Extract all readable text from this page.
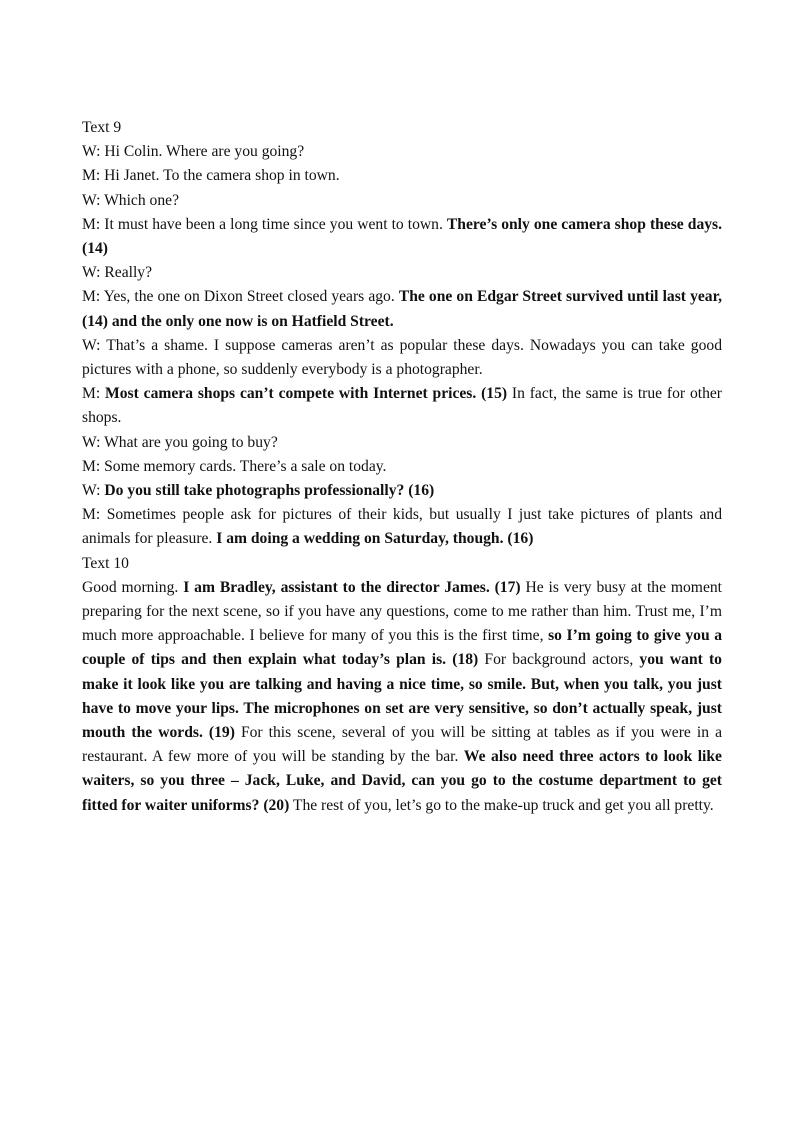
Text 9
W: Hi Colin. Where are you going?
M: Hi Janet. To the camera shop in town.
W: Which one?
M: It must have been a long time since you went to town. There’s only one camera shop these days. (14)
W: Really?
M: Yes, the one on Dixon Street closed years ago. The one on Edgar Street survived until last year, (14) and the only one now is on Hatfield Street.
W: That’s a shame. I suppose cameras aren’t as popular these days. Nowadays you can take good pictures with a phone, so suddenly everybody is a photographer.
M: Most camera shops can’t compete with Internet prices. (15) In fact, the same is true for other shops.
W: What are you going to buy?
M: Some memory cards. There’s a sale on today.
W: Do you still take photographs professionally? (16)
M: Sometimes people ask for pictures of their kids, but usually I just take pictures of plants and animals for pleasure. I am doing a wedding on Saturday, though. (16)
Text 10
Good morning. I am Bradley, assistant to the director James. (17) He is very busy at the moment preparing for the next scene, so if you have any questions, come to me rather than him. Trust me, I’m much more approachable. I believe for many of you this is the first time, so I’m going to give you a couple of tips and then explain what today’s plan is. (18) For background actors, you want to make it look like you are talking and having a nice time, so smile. But, when you talk, you just have to move your lips. The microphones on set are very sensitive, so don’t actually speak, just mouth the words. (19) For this scene, several of you will be sitting at tables as if you were in a restaurant. A few more of you will be standing by the bar. We also need three actors to look like waiters, so you three – Jack, Luke, and David, can you go to the costume department to get fitted for waiter uniforms? (20) The rest of you, let’s go to the make-up truck and get you all pretty.
